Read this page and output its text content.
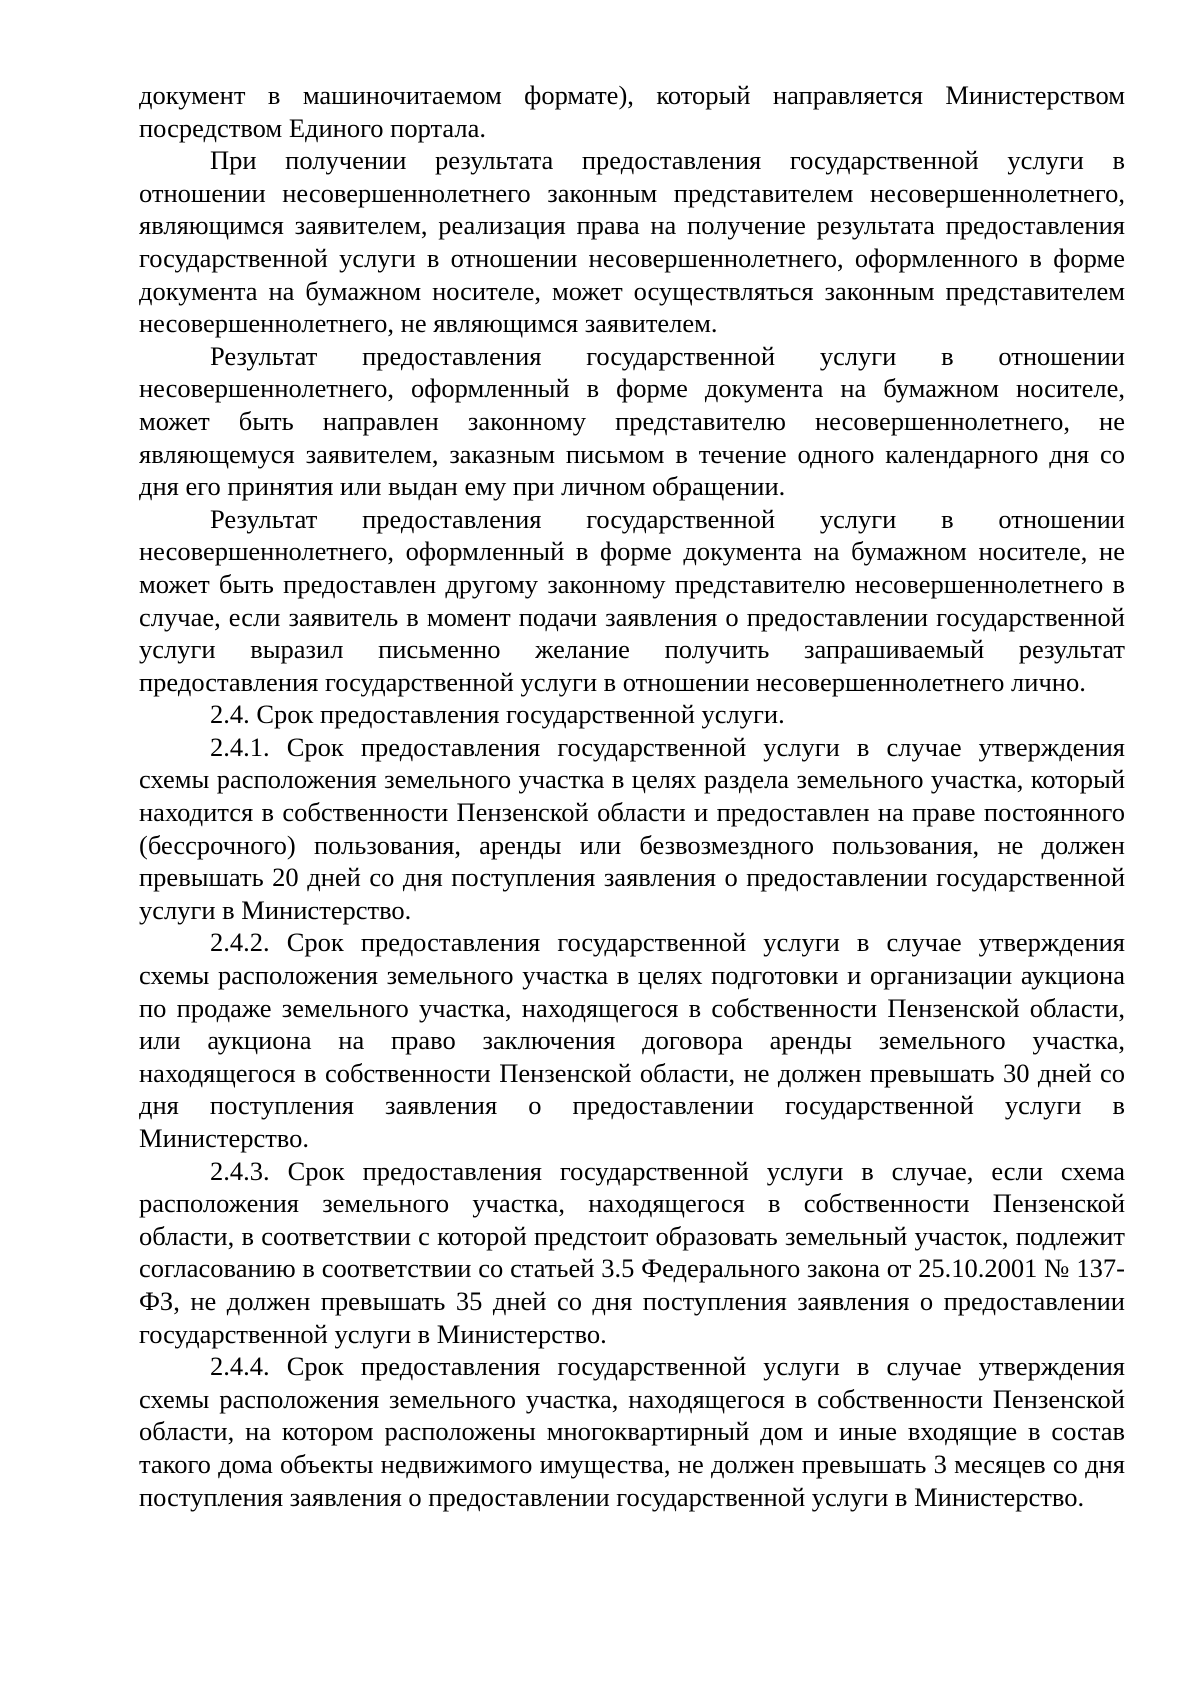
документ в машиночитаемом формате), который направляется Министерством посредством Единого портала.

При получении результата предоставления государственной услуги в отношении несовершеннолетнего законным представителем несовершеннолетнего, являющимся заявителем, реализация права на получение результата предоставления государственной услуги в отношении несовершеннолетнего, оформленного в форме документа на бумажном носителе, может осуществляться законным представителем несовершеннолетнего, не являющимся заявителем.

Результат предоставления государственной услуги в отношении несовершеннолетнего, оформленный в форме документа на бумажном носителе, может быть направлен законному представителю несовершеннолетнего, не являющемуся заявителем, заказным письмом в течение одного календарного дня со дня его принятия или выдан ему при личном обращении.

Результат предоставления государственной услуги в отношении несовершеннолетнего, оформленный в форме документа на бумажном носителе, не может быть предоставлен другому законному представителю несовершеннолетнего в случае, если заявитель в момент подачи заявления о предоставлении государственной услуги выразил письменно желание получить запрашиваемый результат предоставления государственной услуги в отношении несовершеннолетнего лично.

2.4. Срок предоставления государственной услуги.

2.4.1. Срок предоставления государственной услуги в случае утверждения схемы расположения земельного участка в целях раздела земельного участка, который находится в собственности Пензенской области и предоставлен на праве постоянного (бессрочного) пользования, аренды или безвозмездного пользования, не должен превышать 20 дней со дня поступления заявления о предоставлении государственной услуги в Министерство.

2.4.2. Срок предоставления государственной услуги в случае утверждения схемы расположения земельного участка в целях подготовки и организации аукциона по продаже земельного участка, находящегося в собственности Пензенской области, или аукциона на право заключения договора аренды земельного участка, находящегося в собственности Пензенской области, не должен превышать 30 дней со дня поступления заявления о предоставлении государственной услуги в Министерство.

2.4.3. Срок предоставления государственной услуги в случае, если схема расположения земельного участка, находящегося в собственности Пензенской области, в соответствии с которой предстоит образовать земельный участок, подлежит согласованию в соответствии со статьей 3.5 Федерального закона от 25.10.2001 № 137-ФЗ, не должен превышать 35 дней со дня поступления заявления о предоставлении государственной услуги в Министерство.

2.4.4. Срок предоставления государственной услуги в случае утверждения схемы расположения земельного участка, находящегося в собственности Пензенской области, на котором расположены многоквартирный дом и иные входящие в состав такого дома объекты недвижимого имущества, не должен превышать 3 месяцев со дня поступления заявления о предоставлении государственной услуги в Министерство.
